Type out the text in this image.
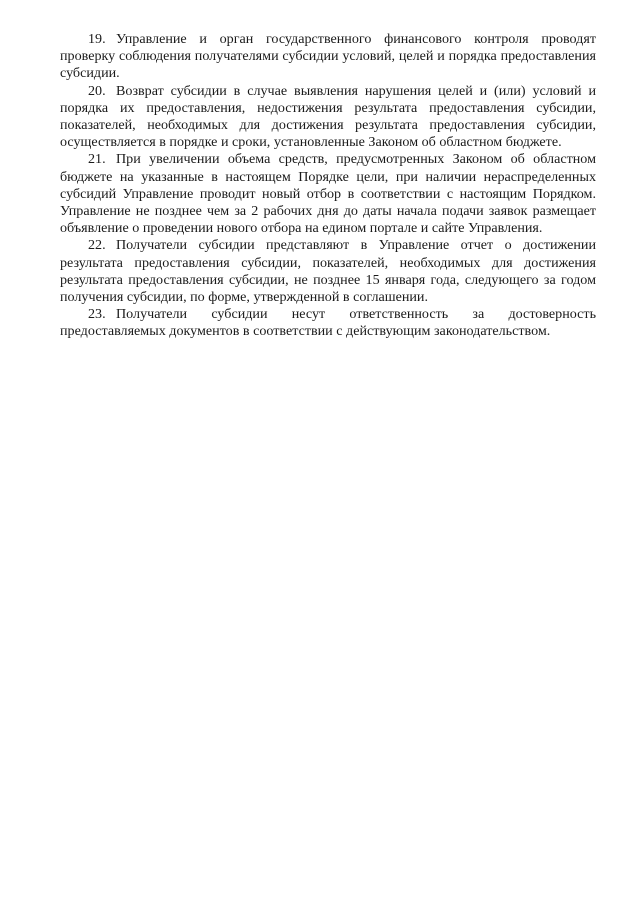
19. Управление и орган государственного финансового контроля проводят проверку соблюдения получателями субсидии условий, целей и порядка предоставления субсидии.

20. Возврат субсидии в случае выявления нарушения целей и (или) условий и порядка их предоставления, недостижения результата предоставления субсидии, показателей, необходимых для достижения результата предоставления субсидии, осуществляется в порядке и сроки, установленные Законом об областном бюджете.

21. При увеличении объема средств, предусмотренных Законом об областном бюджете на указанные в настоящем Порядке цели, при наличии нераспределенных субсидий Управление проводит новый отбор в соответствии с настоящим Порядком. Управление не позднее чем за 2 рабочих дня до даты начала подачи заявок размещает объявление о проведении нового отбора на едином портале и сайте Управления.

22. Получатели субсидии представляют в Управление отчет о достижении результата предоставления субсидии, показателей, необходимых для достижения результата предоставления субсидии, не позднее 15 января года, следующего за годом получения субсидии, по форме, утвержденной в соглашении.

23. Получатели субсидии несут ответственность за достоверность предоставляемых документов в соответствии с действующим законодательством.
